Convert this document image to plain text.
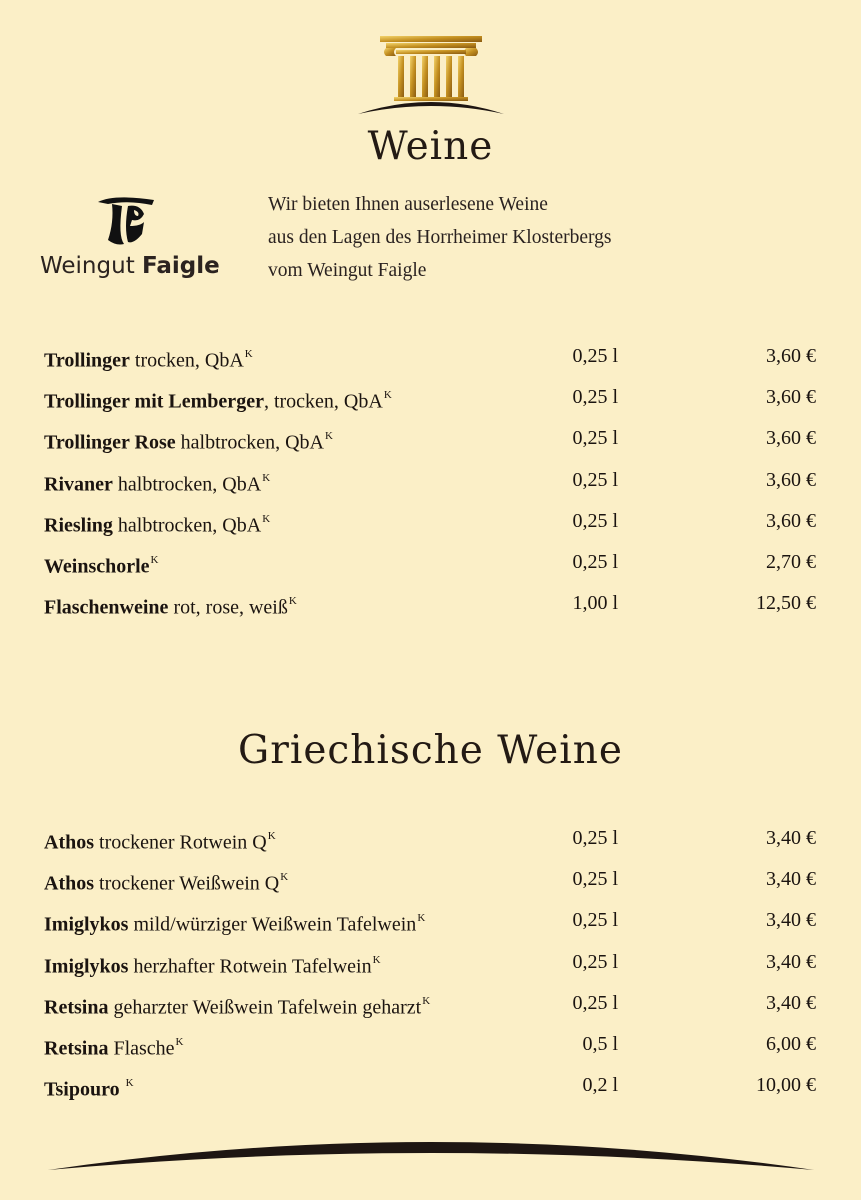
Weine
Weingut Faigle
Wir bieten Ihnen auserlesene Weine
aus den Lagen des Horrheimer Klosterbergs
vom Weingut Faigle
Trollinger trocken, QbA$^K$	0,25 l	3,60 €
Trollinger mit Lemberger, trocken, QbA$^K$	0,25 l	3,60 €
Trollinger Rose halbtrocken, QbA$^K$	0,25 l	3,60 €
Rivaner halbtrocken, QbA$^K$	0,25 l	3,60 €
Riesling halbtrocken, QbA$^K$	0,25 l	3,60 €
Weinschorle$^K$	0,25 l	2,70 €
Flaschenweine rot, rose, weiß$^K$	1,00 l	12,50 €
Griechische Weine
Athos trockener Rotwein $Q^K$	0,25 l	3,40 €
Athos trockener Weißwein $Q^K$	0,25 l	3,40 €
Imiglykos mild/würziger Weißwein Tafelwein$^K$	0,25 l	3,40 €
Imiglykos herzhafter Rotwein Tafelwein$^K$	0,25 l	3,40 €
Retsina geharzter Weißwein Tafelwein geharzt$^K$	0,25 l	3,40 €
Retsina Flasche$^K$	0,5 l	6,00 €
Tsipouro $^K$	0,2 l	10,00 €
